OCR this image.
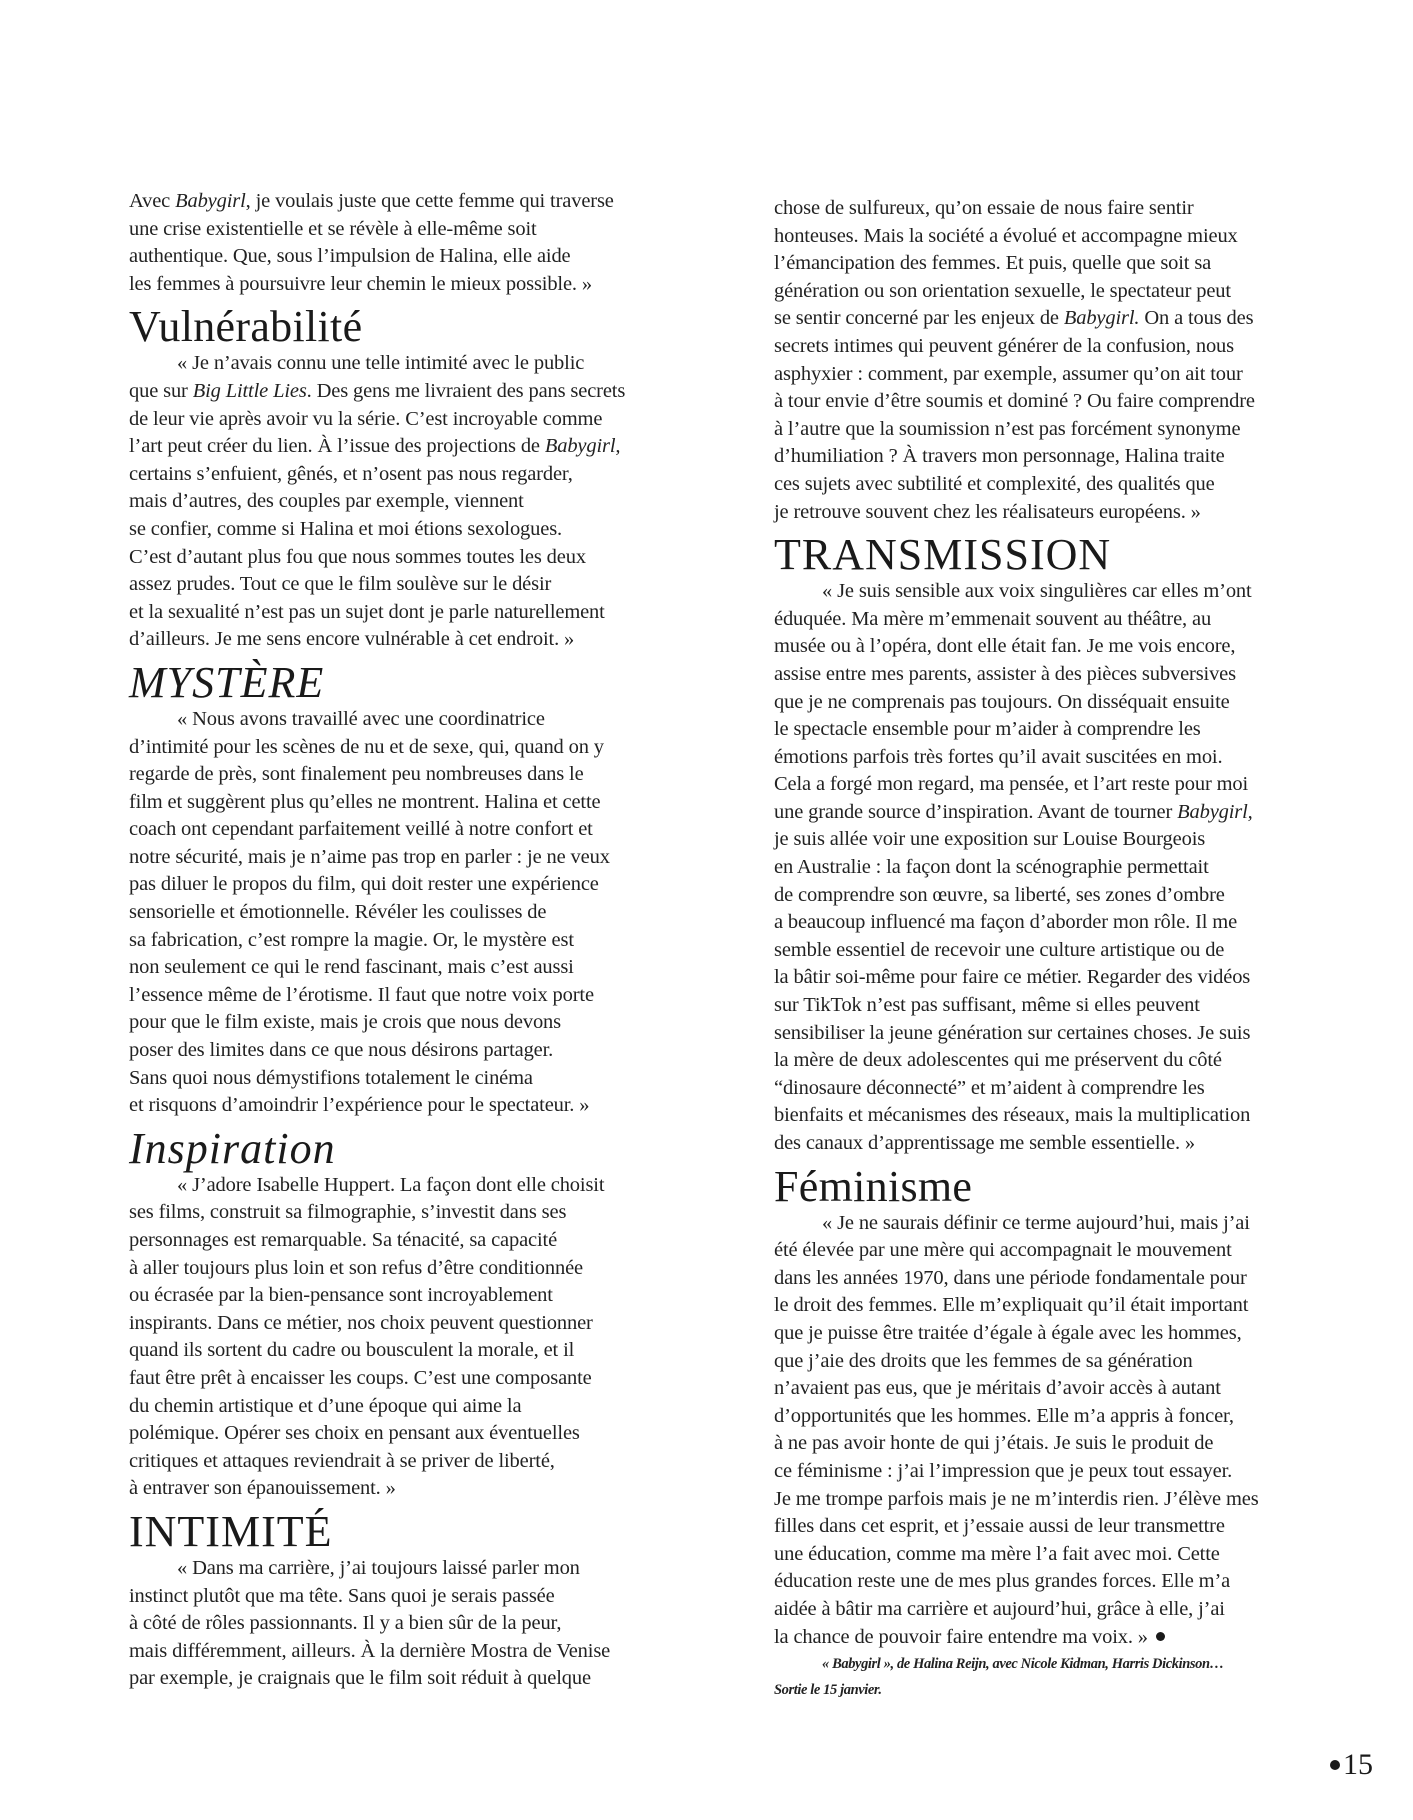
Avec Babygirl, je voulais juste que cette femme qui traverse
une crise existentielle et se révèle à elle-même soit
authentique. Que, sous l’impulsion de Halina, elle aide
les femmes à poursuivre leur chemin le mieux possible. »
Vulnérabilité
« Je n’avais connu une telle intimité avec le public
que sur Big Little Lies. Des gens me livraient des pans secrets
de leur vie après avoir vu la série. C’est incroyable comme
l’art peut créer du lien. À l’issue des projections de Babygirl,
certains s’enfuient, gênés, et n’osent pas nous regarder,
mais d’autres, des couples par exemple, viennent
se confier, comme si Halina et moi étions sexologues.
C’est d’autant plus fou que nous sommes toutes les deux
assez prudes. Tout ce que le film soulève sur le désir
et la sexualité n’est pas un sujet dont je parle naturellement
d’ailleurs. Je me sens encore vulnérable à cet endroit. »
MYSTÈRE
« Nous avons travaillé avec une coordinatrice
d’intimité pour les scènes de nu et de sexe, qui, quand on y
regarde de près, sont finalement peu nombreuses dans le
film et suggèrent plus qu’elles ne montrent. Halina et cette
coach ont cependant parfaitement veillé à notre confort et
notre sécurité, mais je n’aime pas trop en parler : je ne veux
pas diluer le propos du film, qui doit rester une expérience
sensorielle et émotionnelle. Révéler les coulisses de
sa fabrication, c’est rompre la magie. Or, le mystère est
non seulement ce qui le rend fascinant, mais c’est aussi
l’essence même de l’érotisme. Il faut que notre voix porte
pour que le film existe, mais je crois que nous devons
poser des limites dans ce que nous désirons partager.
Sans quoi nous démystifions totalement le cinéma
et risquons d’amoindrir l’expérience pour le spectateur. »
Inspiration
« J’adore Isabelle Huppert. La façon dont elle choisit
ses films, construit sa filmographie, s’investit dans ses
personnages est remarquable. Sa ténacité, sa capacité
à aller toujours plus loin et son refus d’être conditionnée
ou écrasée par la bien-pensance sont incroyablement
inspirants. Dans ce métier, nos choix peuvent questionner
quand ils sortent du cadre ou bousculent la morale, et il
faut être prêt à encaisser les coups. C’est une composante
du chemin artistique et d’une époque qui aime la
polémique. Opérer ses choix en pensant aux éventuelles
critiques et attaques reviendrait à se priver de liberté,
à entraver son épanouissement. »
INTIMITÉ
« Dans ma carrière, j’ai toujours laissé parler mon
instinct plutôt que ma tête. Sans quoi je serais passée
à côté de rôles passionnants. Il y a bien sûr de la peur,
mais différemment, ailleurs. À la dernière Mostra de Venise
par exemple, je craignais que le film soit réduit à quelque
chose de sulfureux, qu’on essaie de nous faire sentir
honteuses. Mais la société a évolué et accompagne mieux
l’émancipation des femmes. Et puis, quelle que soit sa
génération ou son orientation sexuelle, le spectateur peut
se sentir concerné par les enjeux de Babygirl. On a tous des
secrets intimes qui peuvent générer de la confusion, nous
asphyxier : comment, par exemple, assumer qu’on ait tour
à tour envie d’être soumis et dominé ? Ou faire comprendre
à l’autre que la soumission n’est pas forcément synonyme
d’humiliation ? À travers mon personnage, Halina traite
ces sujets avec subtilité et complexité, des qualités que
je retrouve souvent chez les réalisateurs européens. »
TRANSMISSION
« Je suis sensible aux voix singulières car elles m’ont
éduquée. Ma mère m’emmenait souvent au théâtre, au
musée ou à l’opéra, dont elle était fan. Je me vois encore,
assise entre mes parents, assister à des pièces subversives
que je ne comprenais pas toujours. On disséquait ensuite
le spectacle ensemble pour m’aider à comprendre les
émotions parfois très fortes qu’il avait suscitées en moi.
Cela a forgé mon regard, ma pensée, et l’art reste pour moi
une grande source d’inspiration. Avant de tourner Babygirl,
je suis allée voir une exposition sur Louise Bourgeois
en Australie : la façon dont la scénographie permettait
de comprendre son œuvre, sa liberté, ses zones d’ombre
a beaucoup influencé ma façon d’aborder mon rôle. Il me
semble essentiel de recevoir une culture artistique ou de
la bâtir soi-même pour faire ce métier. Regarder des vidéos
sur TikTok n’est pas suffisant, même si elles peuvent
sensibiliser la jeune génération sur certaines choses. Je suis
la mère de deux adolescentes qui me préservent du côté
“dinosaure déconnecté” et m’aident à comprendre les
bienfaits et mécanismes des réseaux, mais la multiplication
des canaux d’apprentissage me semble essentielle. »
Féminisme
« Je ne saurais définir ce terme aujourd’hui, mais j’ai
été élevée par une mère qui accompagnait le mouvement
dans les années 1970, dans une période fondamentale pour
le droit des femmes. Elle m’expliquait qu’il était important
que je puisse être traitée d’égale à égale avec les hommes,
que j’aie des droits que les femmes de sa génération
n’avaient pas eus, que je méritais d’avoir accès à autant
d’opportunités que les hommes. Elle m’a appris à foncer,
à ne pas avoir honte de qui j’étais. Je suis le produit de
ce féminisme : j’ai l’impression que je peux tout essayer.
Je me trompe parfois mais je ne m’interdis rien. J’élève mes
filles dans cet esprit, et j’essaie aussi de leur transmettre
une éducation, comme ma mère l’a fait avec moi. Cette
éducation reste une de mes plus grandes forces. Elle m’a
aidée à bâtir ma carrière et aujourd’hui, grâce à elle, j’ai
la chance de pouvoir faire entendre ma voix. »
« Babygirl », de Halina Reijn, avec Nicole Kidman, Harris Dickinson…
Sortie le 15 janvier.
15
